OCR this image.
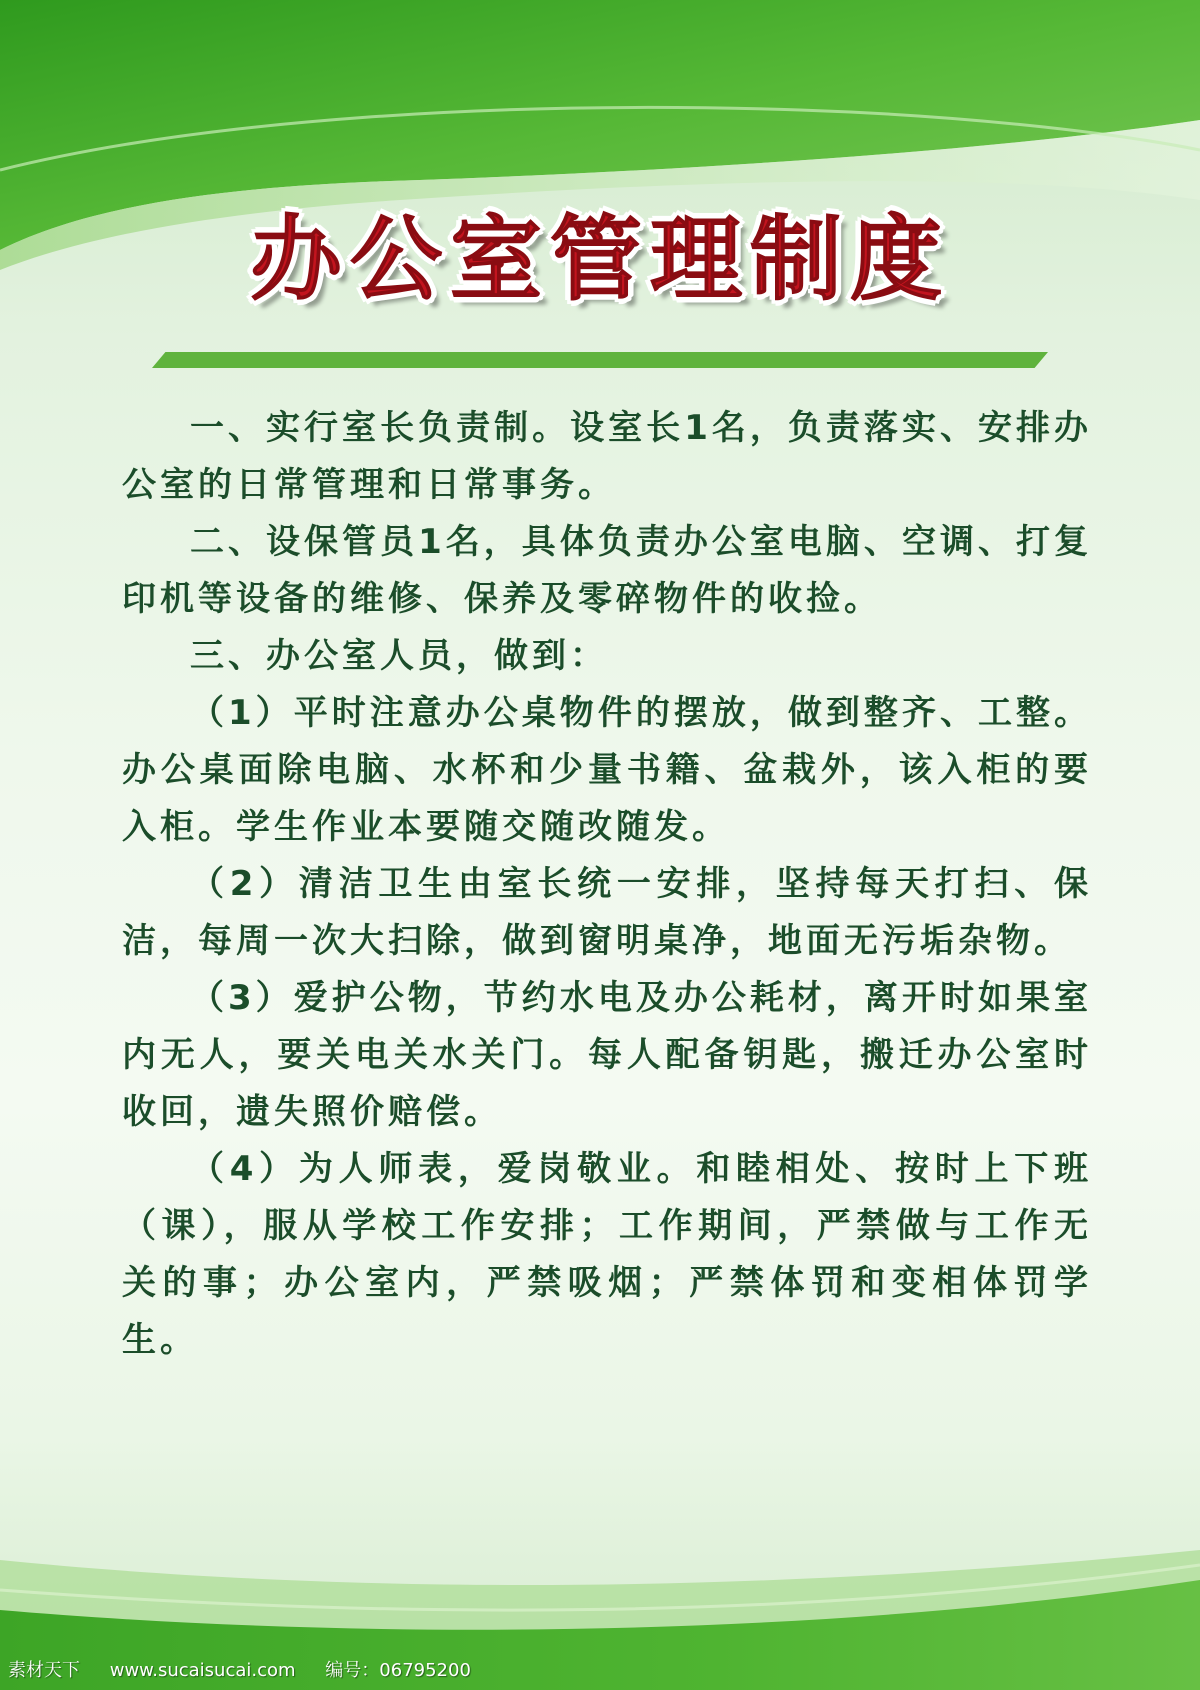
办公室管理制度

一、实行室长负责制。设室长1名，负责落实、安排办公室的日常管理和日常事务。

二、设保管员1名，具体负责办公室电脑、空调、打复印机等设备的维修、保养及零碎物件的收捡。

三、办公室人员，做到：

（1）平时注意办公桌物件的摆放，做到整齐、工整。办公桌面除电脑、水杯和少量书籍、盆栽外，该入柜的要入柜。学生作业本要随交随改随发。

（2）清洁卫生由室长统一安排，坚持每天打扫、保洁，每周一次大扫除，做到窗明桌净，地面无污垢杂物。

（3）爱护公物，节约水电及办公耗材，离开时如果室内无人，要关电关水关门。每人配备钥匙，搬迁办公室时收回，遗失照价赔偿。

（4）为人师表，爱岗敬业。和睦相处、按时上下班（课），服从学校工作安排；工作期间，严禁做与工作无关的事；办公室内，严禁吸烟；严禁体罚和变相体罚学生。

素材天下 www.sucaisucai.com 编号：06795200
